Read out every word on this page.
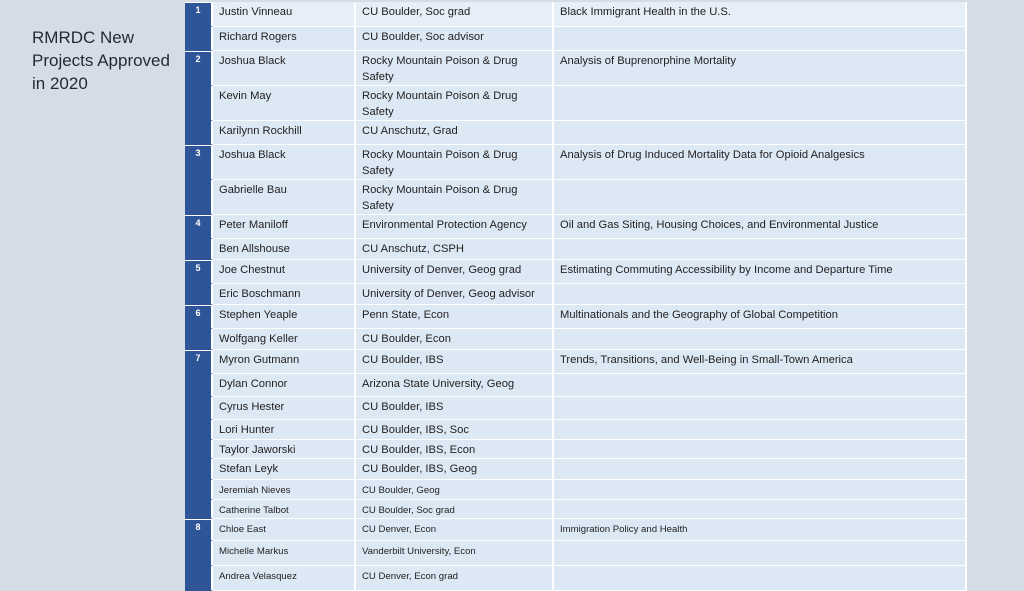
RMRDC New Projects Approved in 2020
1	Justin Vinneau	CU Boulder, Soc grad	Black Immigrant Health in the U.S.

	Richard Rogers	CU Boulder, Soc advisor	

2	Joshua Black	Rocky Mountain Poison & Drug Safety	Analysis of Buprenorphine Mortality

	Kevin May	Rocky Mountain Poison & Drug Safety	

	Karilynn Rockhill	CU Anschutz, Grad	

3	Joshua Black	Rocky Mountain Poison & Drug Safety	Analysis of Drug Induced Mortality Data for Opioid Analgesics

	Gabrielle Bau	Rocky Mountain Poison & Drug Safety	

4	Peter Maniloff	Environmental Protection Agency	Oil and Gas Siting, Housing Choices, and Environmental Justice

	Ben Allshouse	CU Anschutz, CSPH	

5	Joe Chestnut	University of Denver, Geog grad	Estimating Commuting Accessibility by Income and Departure Time

	Eric Boschmann	University of Denver, Geog advisor	

6	Stephen Yeaple	Penn State, Econ	Multinationals and the Geography of Global Competition

	Wolfgang Keller	CU Boulder, Econ	

7	Myron Gutmann	CU Boulder, IBS	Trends, Transitions, and Well-Being in Small-Town America

	Dylan Connor	Arizona State University, Geog	

	Cyrus Hester	CU Boulder, IBS	

	Lori Hunter	CU Boulder, IBS, Soc	

	Taylor Jaworski	CU Boulder, IBS, Econ	

	Stefan Leyk	CU Boulder, IBS, Geog	

	Jeremiah Nieves	CU Boulder, Geog	

	Catherine Talbot	CU Boulder, Soc grad	

8	Chloe East	CU Denver, Econ	Immigration Policy and Health

	Michelle Markus	Vanderbilt University, Econ	

	Andrea Velasquez	CU Denver, Econ grad	
